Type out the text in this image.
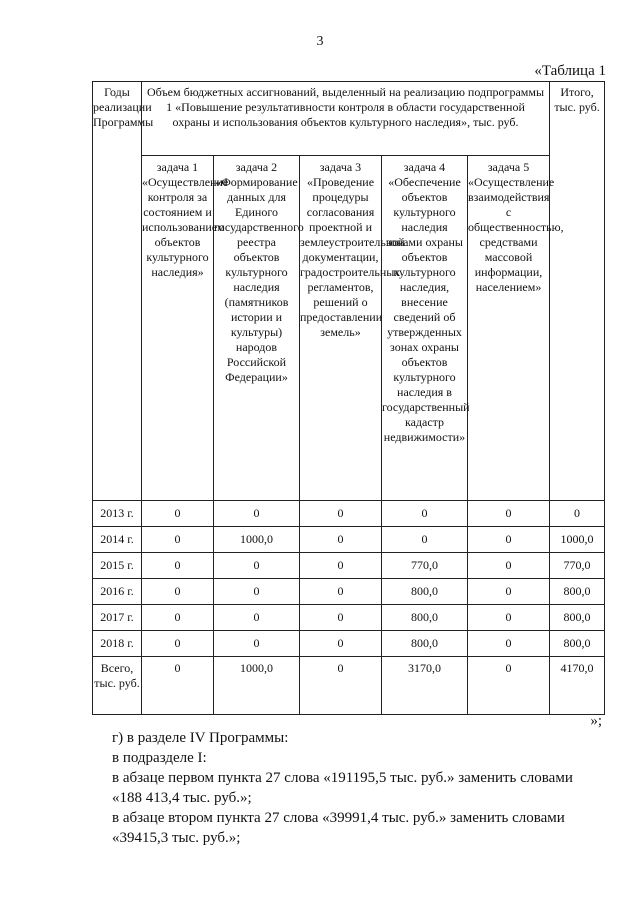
3
«Таблица 1
Годы реализации Программы	Объем бюджетных ассигнований, выделенный на реализацию подпрограммы 1 «Повышение результативности контроля в области государственной охраны и использования объектов культурного наследия», тыс. руб.					Итого, тыс. руб.
	задача 1 «Осуществление контроля за состоянием и использованием объектов культурного наследия»	задача 2 «Формирование данных для Единого государственного реестра объектов культурного наследия (памятников истории и культуры) народов Российской Федерации»	задача 3 «Проведение процедуры согласования проектной и землеустроительной документации, градостроительных регламентов, решений о предоставлении земель»	задача 4 «Обеспечение объектов культурного наследия зонами охраны объектов культурного наследия, внесение сведений об утвержденных зонах охраны объектов культурного наследия в государственный кадастр недвижимости»	задача 5 «Осуществление взаимодействия с общественностью, средствами массовой информации, населением»	
2013 г.	0	0	0	0	0	0
2014 г.	0	1000,0	0	0	0	1000,0
2015 г.	0	0	0	770,0	0	770,0
2016 г.	0	0	0	800,0	0	800,0
2017 г.	0	0	0	800,0	0	800,0
2018 г.	0	0	0	800,0	0	800,0
Всего, тыс. руб.	0	1000,0	0	3170,0	0	4170,0
»;

г) в разделе IV Программы:

в подразделе I:

в абзаце первом пункта 27 слова «191195,5 тыс. руб.» заменить словами «188 413,4 тыс. руб.»;

в абзаце втором пункта 27 слова «39991,4 тыс. руб.» заменить словами «39415,3 тыс. руб.»;
